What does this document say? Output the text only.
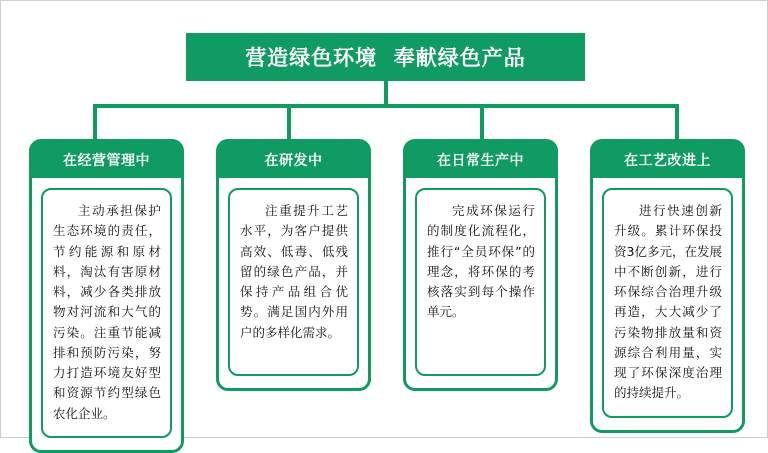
营造绿色环境  奉献绿色产品
在经营管理中

主动承担保护生态环境的责任，节约能源和原材料，淘汰有害原材料，减少各类排放物对河流和大气的污染。注重节能减排和预防污染，努力打造环境友好型和资源节约型绿色农化企业。

在研发中

注重提升工艺水平，为客户提供高效、低毒、低残留的绿色产品，并保持产品组合优势。满足国内外用户的多样化需求。

在日常生产中

完成环保运行的制度化流程化，推行“全员环保”的理念，将环保的考核落实到每个操作单元。

在工艺改进上

进行快速创新升级。累计环保投资3亿多元，在发展中不断创新，进行环保综合治理升级再造，大大减少了污染物排放量和资源综合利用量，实现了环保深度治理的持续提升。
